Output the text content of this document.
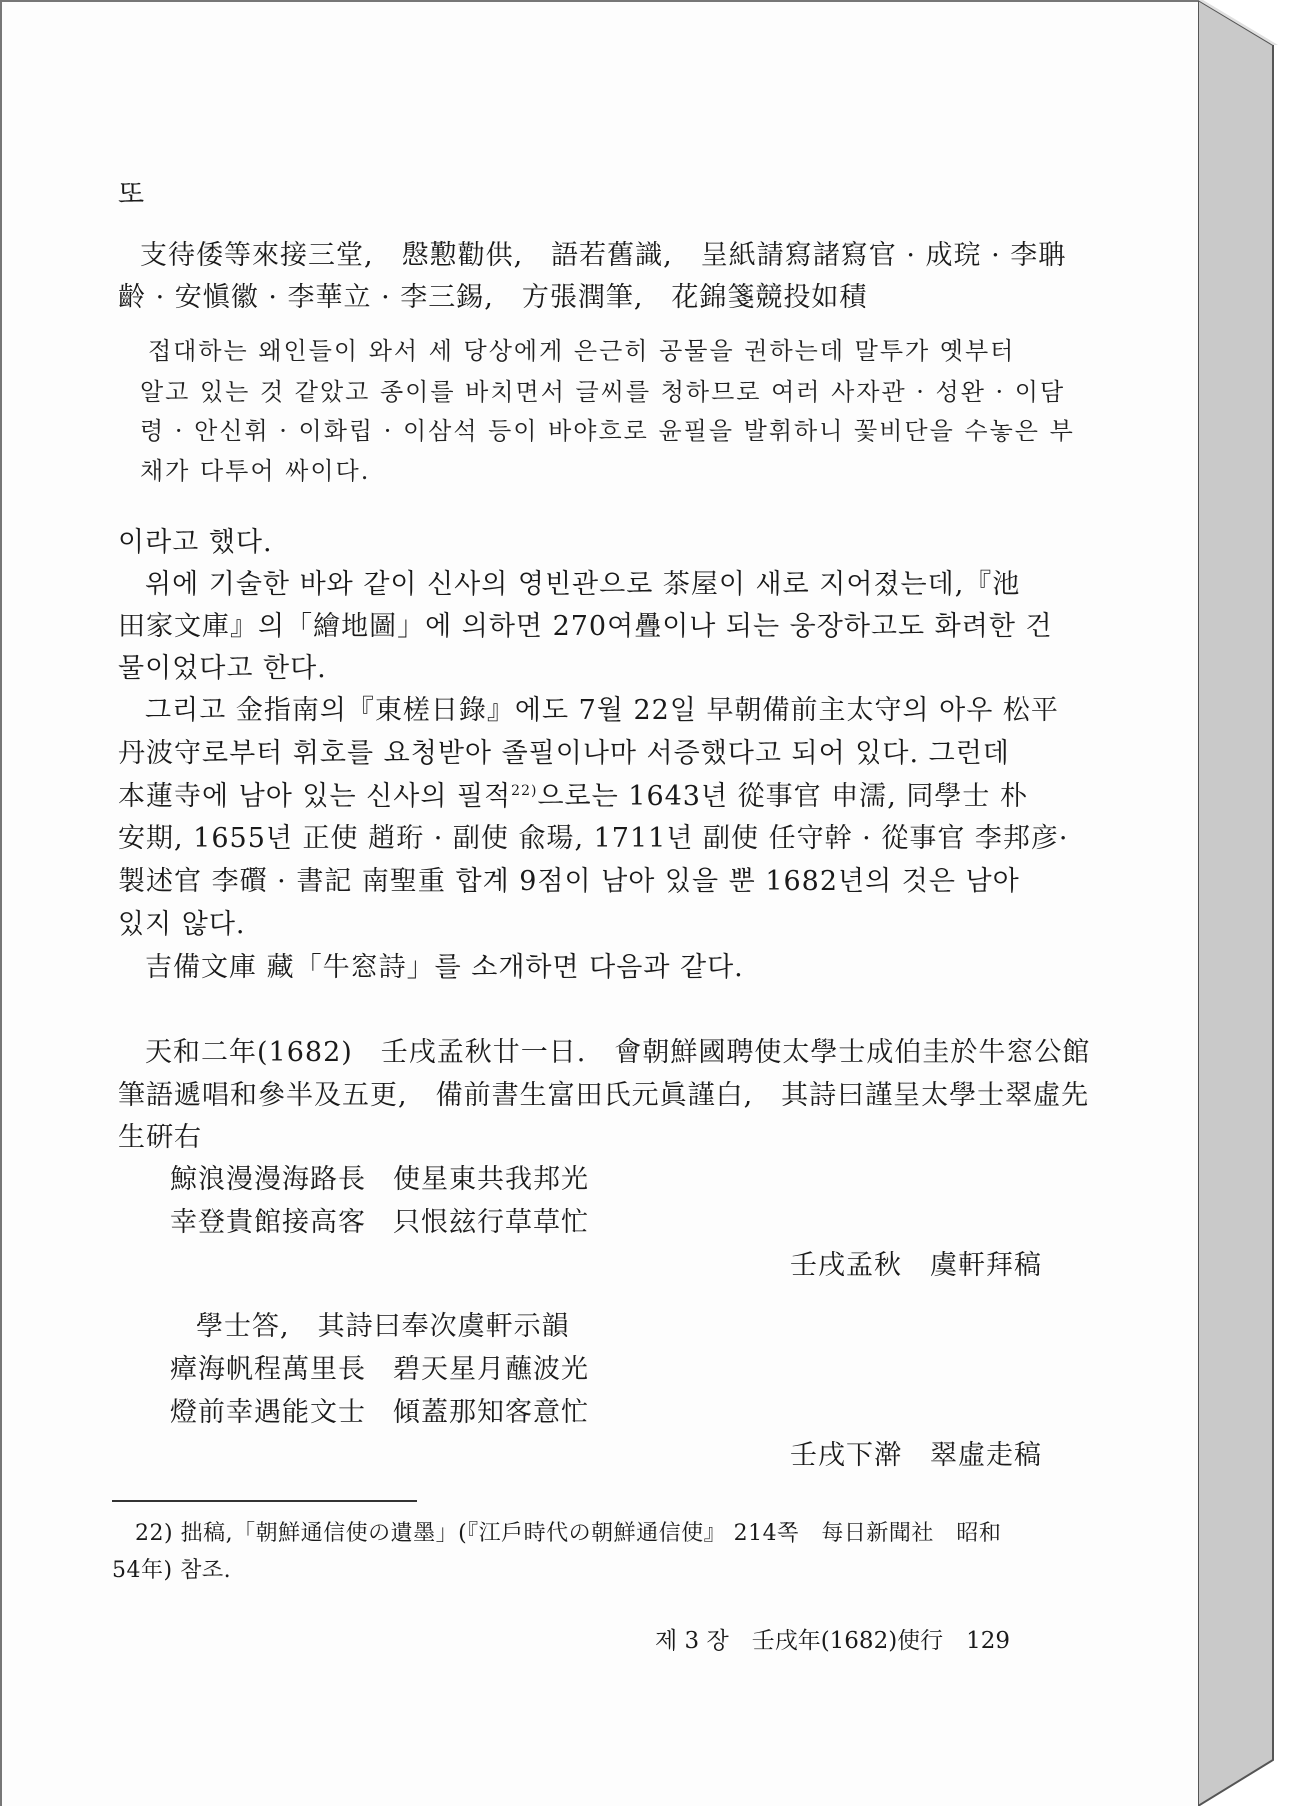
또
支待倭等來接三堂,　慇懃勸供,　語若舊識,　呈紙請寫諸寫官 · 成琓 · 李聃
齡 · 安愼徽 · 李華立 · 李三錫,　方張潤筆,　花錦箋競投如積
접대하는 왜인들이 와서 세 당상에게 은근히 공물을 권하는데 말투가 옛부터
알고 있는 것 같았고 종이를 바치면서 글씨를 청하므로 여러 사자관 · 성완 · 이담
령 · 안신휘 · 이화립 · 이삼석 등이 바야흐로 윤필을 발휘하니 꽃비단을 수놓은 부
채가 다투어 싸이다.
이라고 했다.
위에 기술한 바와 같이 신사의 영빈관으로 茶屋이 새로 지어졌는데,『池
田家文庫』의「繪地圖」에 의하면 270여疊이나 되는 웅장하고도 화려한 건
물이었다고 한다.
그리고 金指南의『東槎日錄』에도 7월 22일 早朝備前主太守의 아우 松平
丹波守로부터 휘호를 요청받아 졸필이나마 서증했다고 되어 있다. 그런데
本蓮寺에 남아 있는 신사의 필적$^{22)}$으로는 1643년 從事官 申濡, 同學士 朴
安期, 1655년 正使 趙珩 · 副使 兪瑒, 1711년 副使 任守幹 · 從事官 李邦彦·
製述官 李礥 · 書記 南聖重 합계 9점이 남아 있을 뿐 1682년의 것은 남아
있지 않다.
吉備文庫 藏「牛窓詩」를 소개하면 다음과 같다.
天和二年(1682)　壬戌孟秋廿一日.　會朝鮮國聘使太學士成伯圭於牛窓公館
筆語遞唱和參半及五更,　備前書生富田氏元眞謹白,　其詩曰謹呈太學士翠虛先
生硏右
鯨浪漫漫海路長 使星東共我邦光
幸登貴館接高客 只恨玆行草草忙
壬戌孟秋　虞軒拜稿
學士答,　其詩曰奉次虞軒示韻
瘴海帆程萬里長 碧天星月蘸波光
燈前幸遇能文士 傾蓋那知客意忙
壬戌下澣　翠虛走稿
22) 拙稿,「朝鮮通信使の遺墨」(『江戶時代の朝鮮通信使』 214쪽　每日新聞社　昭和
54年) 참조.
제 3 장　壬戌年(1682)使行　129
